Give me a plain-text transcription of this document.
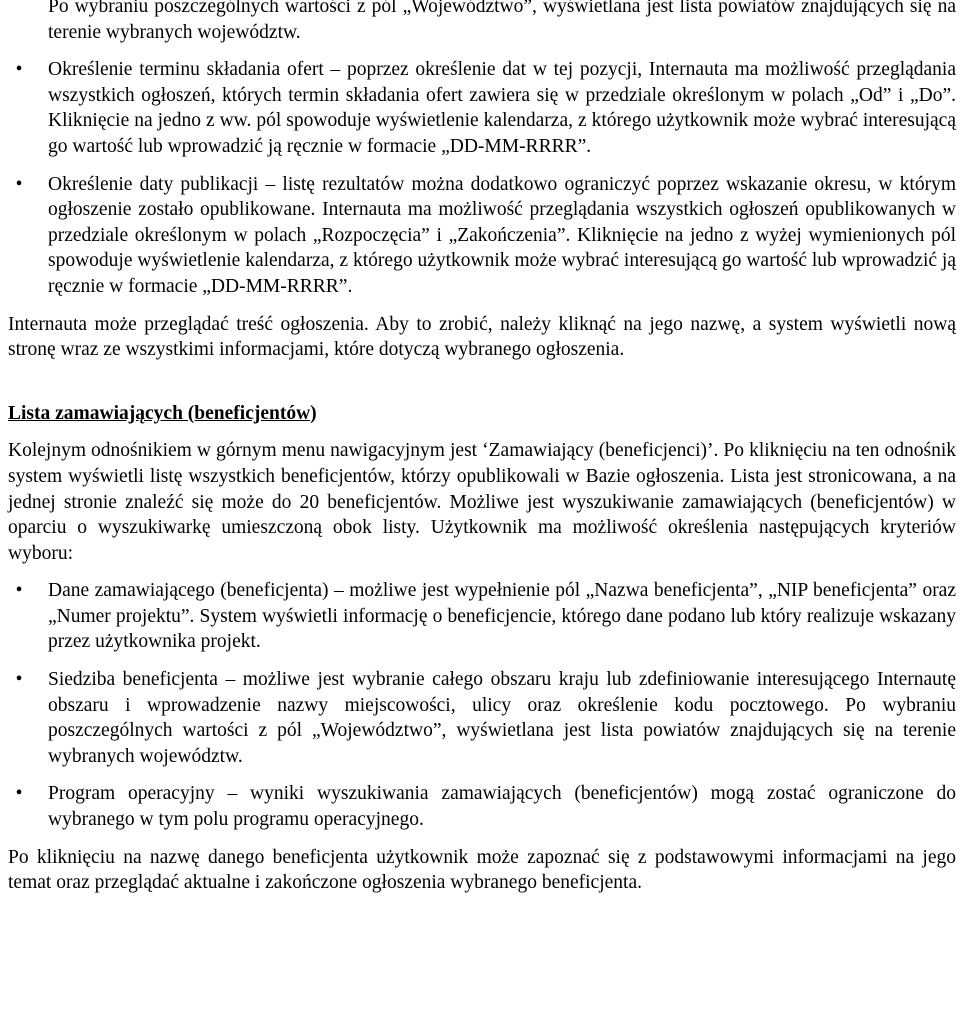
Po wybraniu poszczególnych wartości z pól „Województwo”, wyświetlana jest lista powiatów znajdujących się na terenie wybranych województw.

• Określenie terminu składania ofert – poprzez określenie dat w tej pozycji, Internauta ma możliwość przeglądania wszystkich ogłoszeń, których termin składania ofert zawiera się w przedziale określonym w polach „Od” i „Do”. Kliknięcie na jedno z ww. pól spowoduje wyświetlenie kalendarza, z którego użytkownik może wybrać interesującą go wartość lub wprowadzić ją ręcznie w formacie „DD-MM-RRRR”.
• Określenie daty publikacji – listę rezultatów można dodatkowo ograniczyć poprzez wskazanie okresu, w którym ogłoszenie zostało opublikowane. Internauta ma możliwość przeglądania wszystkich ogłoszeń opublikowanych w przedziale określonym w polach „Rozpoczęcia” i „Zakończenia”. Kliknięcie na jedno z wyżej wymienionych pól spowoduje wyświetlenie kalendarza, z którego użytkownik może wybrać interesującą go wartość lub wprowadzić ją ręcznie w formacie „DD-MM-RRRR”.

Internauta może przeglądać treść ogłoszenia. Aby to zrobić, należy kliknąć na jego nazwę, a system wyświetli nową stronę wraz ze wszystkimi informacjami, które dotyczą wybranego ogłoszenia.

Lista zamawiających (beneficjentów)

Kolejnym odnośnikiem w górnym menu nawigacyjnym jest ‘Zamawiający (beneficjenci)’. Po kliknięciu na ten odnośnik system wyświetli listę wszystkich beneficjentów, którzy opublikowali w Bazie ogłoszenia. Lista jest stronicowana, a na jednej stronie znaleźć się może do 20 beneficjentów. Możliwe jest wyszukiwanie zamawiających (beneficjentów) w oparciu o wyszukiwarkę umieszczoną obok listy. Użytkownik ma możliwość określenia następujących kryteriów wyboru:

• Dane zamawiającego (beneficjenta) – możliwe jest wypełnienie pól „Nazwa beneficjenta”, „NIP beneficjenta” oraz „Numer projektu”. System wyświetli informację o beneficjencie, którego dane podano lub który realizuje wskazany przez użytkownika projekt.
• Siedziba beneficjenta – możliwe jest wybranie całego obszaru kraju lub zdefiniowanie interesującego Internautę obszaru i wprowadzenie nazwy miejscowości, ulicy oraz określenie kodu pocztowego. Po wybraniu poszczególnych wartości z pól „Województwo”, wyświetlana jest lista powiatów znajdujących się na terenie wybranych województw.
• Program operacyjny – wyniki wyszukiwania zamawiających (beneficjentów) mogą zostać ograniczone do wybranego w tym polu programu operacyjnego.

Po kliknięciu na nazwę danego beneficjenta użytkownik może zapoznać się z podstawowymi informacjami na jego temat oraz przeglądać aktualne i zakończone ogłoszenia wybranego beneficjenta.
